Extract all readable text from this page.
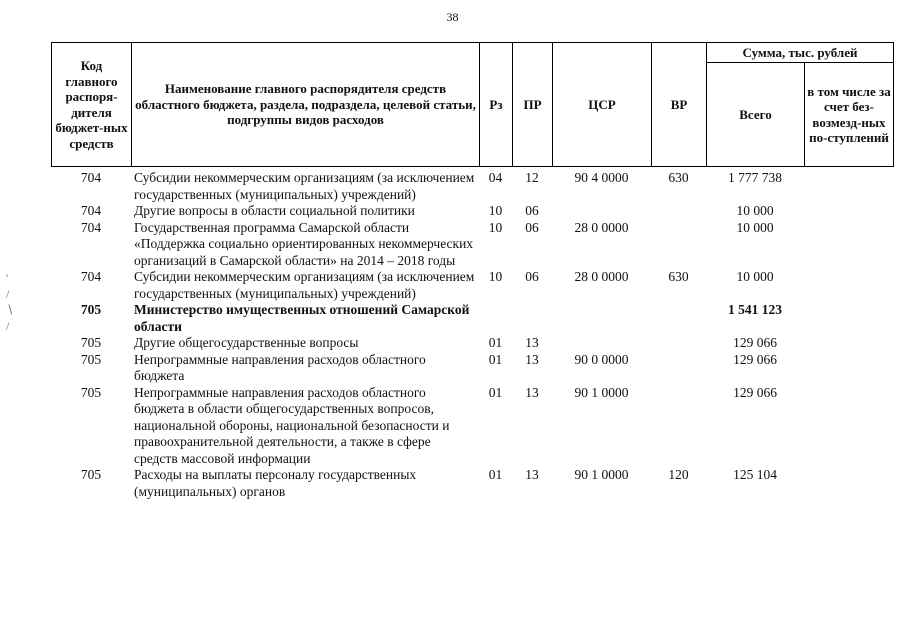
38
'
/
∖
/
Код главного распоря-дителя бюджет-ных средств	Наименование главного распорядителя средств областного бюджета, раздела, подраздела, целевой статьи, подгруппы видов расходов	Рз	ПР	ЦСР	ВР	Сумма, тыс. рублей	
						Всего	в том числе за счет без-возмезд-ных по-ступлений
704	Субсидии некоммерческим организациям (за исключением государственных (муниципальных) учреждений)	04	12	90 4 0000	630	1 777 738	
704	Другие вопросы в области социальной политики	10	06			10 000	
704	Государственная программа Самарской области «Поддержка социально ориентированных некоммерческих организаций в Самарской области» на 2014 – 2018 годы	10	06	28 0 0000		10 000	
704	Субсидии некоммерческим организациям (за исключением государственных (муниципальных) учреждений)	10	06	28 0 0000	630	10 000	
705	Министерство имущественных отношений Самарской области					1 541 123	
705	Другие общегосударственные вопросы	01	13			129 066	
705	Непрограммные направления расходов областного бюджета	01	13	90 0 0000		129 066	
705	Непрограммные направления расходов областного бюджета в области общегосударственных вопросов, национальной обороны, национальной безопасности и правоохранительной деятельности, а также в сфере средств массовой информации	01	13	90 1 0000		129 066	
705	Расходы на выплаты персоналу государственных (муниципальных) органов	01	13	90 1 0000	120	125 104	
